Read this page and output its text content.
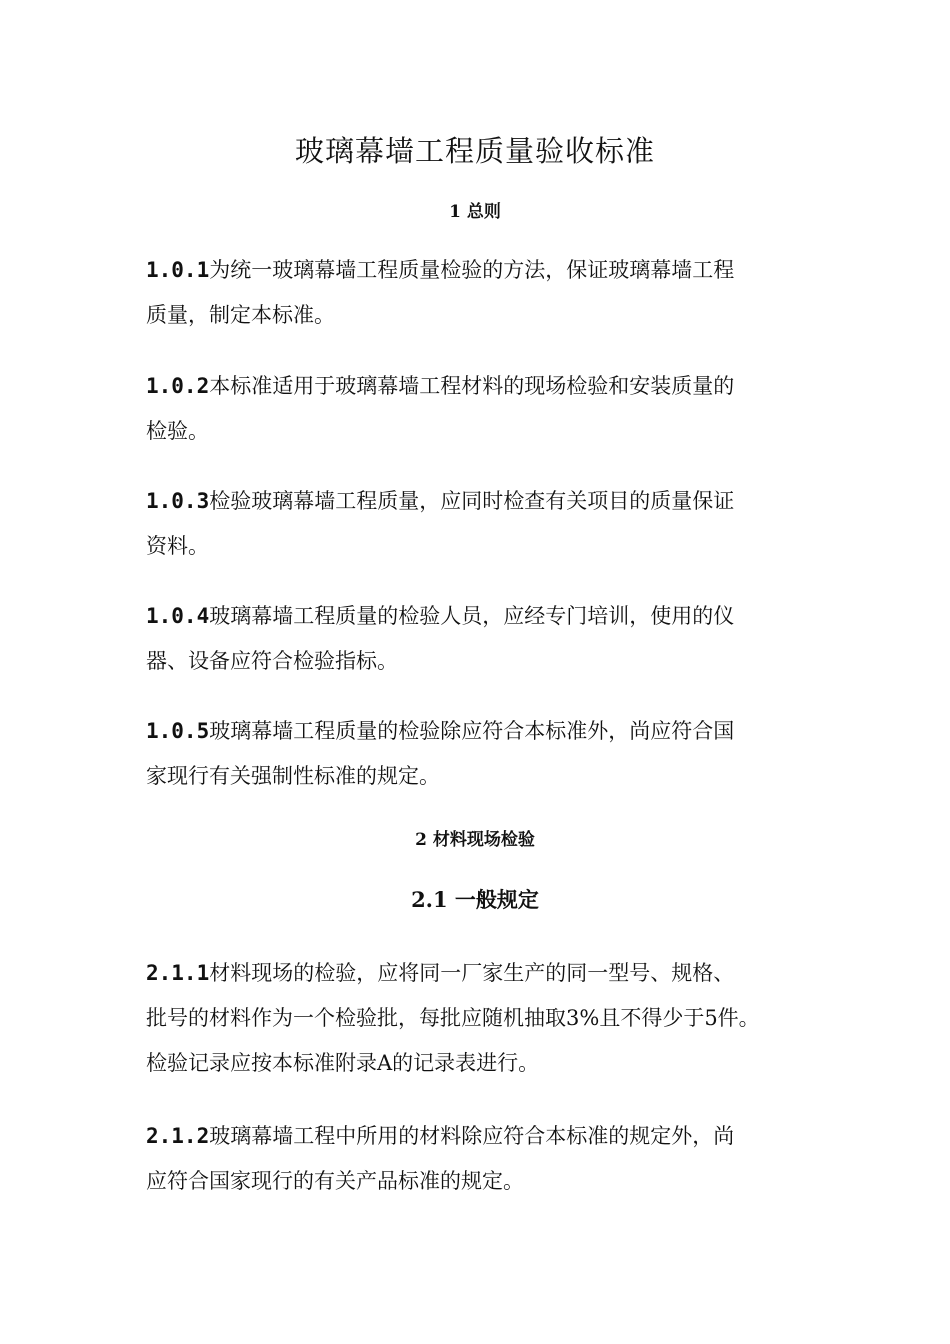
玻璃幕墙工程质量验收标准
1 总则
1.0.1为统一玻璃幕墙工程质量检验的方法，保证玻璃幕墙工程
质量，制定本标准。
1.0.2本标准适用于玻璃幕墙工程材料的现场检验和安装质量的
检验。
1.0.3检验玻璃幕墙工程质量，应同时检查有关项目的质量保证
资料。
1.0.4玻璃幕墙工程质量的检验人员，应经专门培训，使用的仪
器、设备应符合检验指标。
1.0.5玻璃幕墙工程质量的检验除应符合本标准外，尚应符合国
家现行有关强制性标准的规定。
2 材料现场检验
2.1 一般规定
2.1.1材料现场的检验，应将同一厂家生产的同一型号、规格、
批号的材料作为一个检验批，每批应随机抽取3%且不得少于5件。
检验记录应按本标准附录A的记录表进行。
2.1.2玻璃幕墙工程中所用的材料除应符合本标准的规定外，尚
应符合国家现行的有关产品标准的规定。
